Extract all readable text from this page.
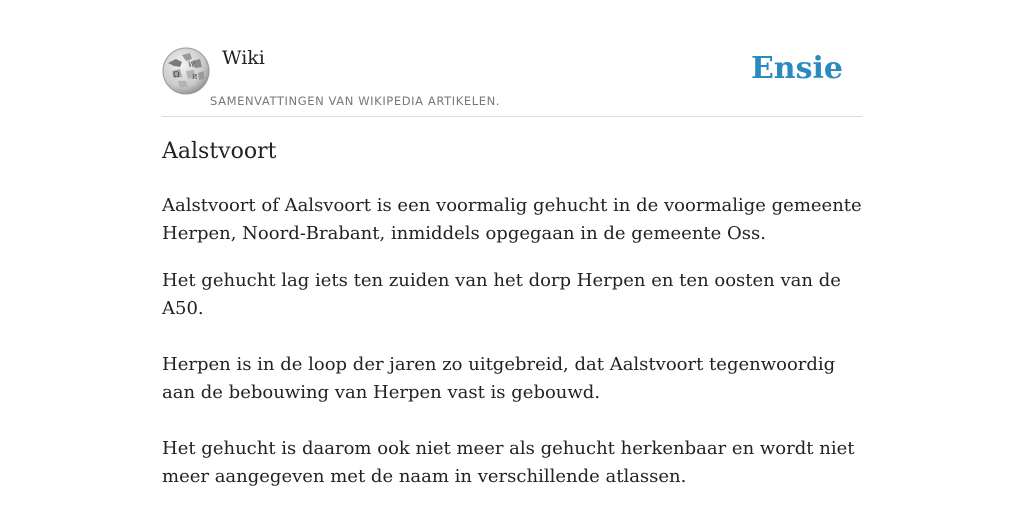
Ω
W
И
Wiki
SAMENVATTINGEN VAN WIKIPEDIA ARTIKELEN.
Ensie
Aalstvoort

Aalstvoort of Aalsvoort is een voormalig gehucht in de voormalige gemeente Herpen, Noord-Brabant, inmiddels opgegaan in de gemeente Oss.

Het gehucht lag iets ten zuiden van het dorp Herpen en ten oosten van de A50.

Herpen is in de loop der jaren zo uitgebreid, dat Aalstvoort tegenwoordig aan de bebouwing van Herpen vast is gebouwd.

Het gehucht is daarom ook niet meer als gehucht herkenbaar en wordt niet meer aangegeven met de naam in verschillende atlassen.
